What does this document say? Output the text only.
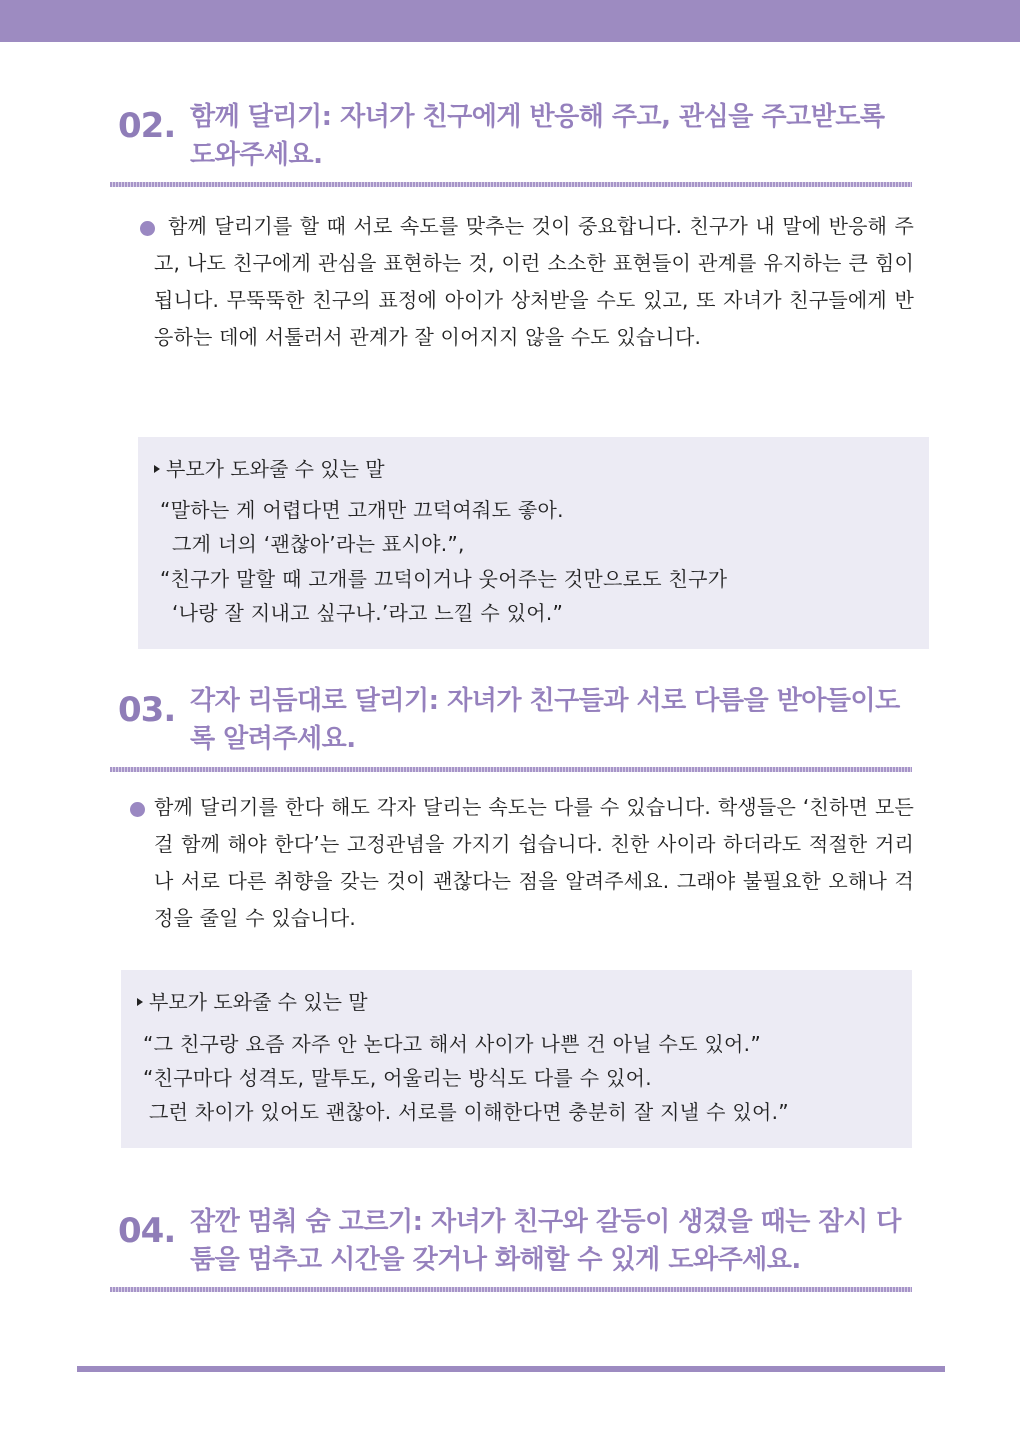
02. 함께 달리기: 자녀가 친구에게 반응해 주고, 관심을 주고받도록 도와주세요.
함께 달리기를 할 때 서로 속도를 맞추는 것이 중요합니다. 친구가 내 말에 반응해 주고, 나도 친구에게 관심을 표현하는 것, 이런 소소한 표현들이 관계를 유지하는 큰 힘이 됩니다. 무뚝뚝한 친구의 표정에 아이가 상처받을 수도 있고, 또 자녀가 친구들에게 반응하는 데에 서툴러서 관계가 잘 이어지지 않을 수도 있습니다.
부모가 도와줄 수 있는 말
“말하는 게 어렵다면 고개만 끄덕여줘도 좋아.
그게 너의 ‘괜찮아’라는 표시야.”,
“친구가 말할 때 고개를 끄덕이거나 웃어주는 것만으로도 친구가
‘나랑 잘 지내고 싶구나.’라고 느낄 수 있어.”
03. 각자 리듬대로 달리기: 자녀가 친구들과 서로 다름을 받아들이도록 알려주세요.
함께 달리기를 한다 해도 각자 달리는 속도는 다를 수 있습니다. 학생들은 ‘친하면 모든 걸 함께 해야 한다’는 고정관념을 가지기 쉽습니다. 친한 사이라 하더라도 적절한 거리나 서로 다른 취향을 갖는 것이 괜찮다는 점을 알려주세요. 그래야 불필요한 오해나 걱정을 줄일 수 있습니다.
부모가 도와줄 수 있는 말
“그 친구랑 요즘 자주 안 논다고 해서 사이가 나쁜 건 아닐 수도 있어.”
“친구마다 성격도, 말투도, 어울리는 방식도 다를 수 있어.
그런 차이가 있어도 괜찮아. 서로를 이해한다면 충분히 잘 지낼 수 있어.”
04. 잠깐 멈춰 숨 고르기: 자녀가 친구와 갈등이 생겼을 때는 잠시 다툼을 멈추고 시간을 갖거나 화해할 수 있게 도와주세요.
